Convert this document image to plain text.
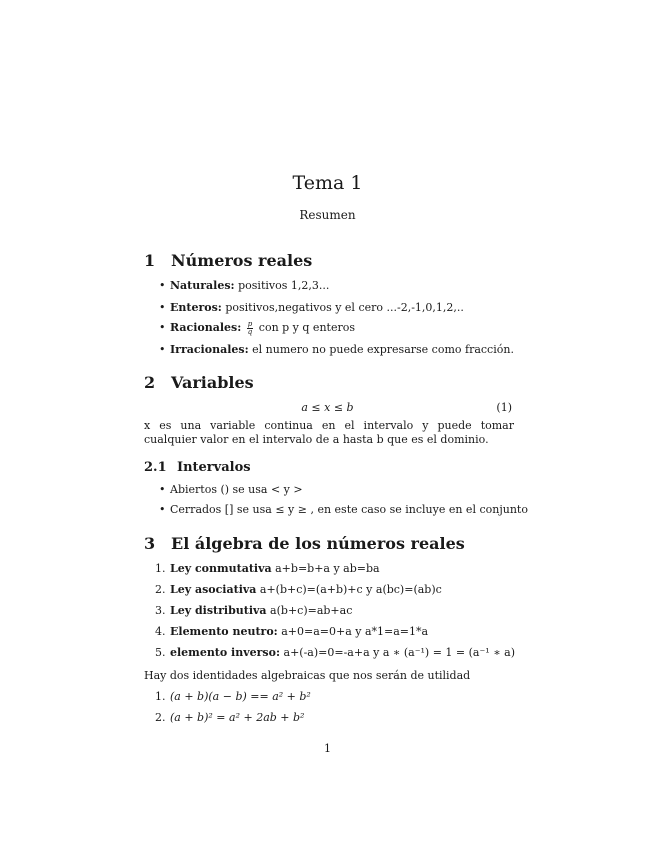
Tema 1
Resumen
1 Números reales
• Naturales: positivos 1,2,3...
• Enteros: positivos,negativos y el cero ...-2,-1,0,1,2,..
• Racionales: $\frac{p}{q}$ con p y q enteros
• Irracionales: el numero no puede expresarse como fracción.
2 Variables
a ≤ x ≤ b	(1)
x es una variable continua en el intervalo y puede tomar cualquier valor en el intervalo de a hasta b que es el dominio.
2.1 Intervalos
• Abiertos () se usa < y >
• Cerrados [] se usa ≤ y ≥ , en este caso se incluye en el conjunto
3 El álgebra de los números reales
1. Ley conmutativa a+b=b+a y ab=ba
2. Ley asociativa a+(b+c)=(a+b)+c y a(bc)=(ab)c
3. Ley distributiva a(b+c)=ab+ac
4. Elemento neutro: a+0=a=0+a y a*1=a=1*a
5. elemento inverso: a+(-a)=0=-a+a y a ∗ (a⁻¹) = 1 = (a⁻¹ ∗ a)
Hay dos identidades algebraicas que nos serán de utilidad
1. (a + b)(a − b) == a² + b²
2. (a + b)² = a² + 2ab + b²
1
